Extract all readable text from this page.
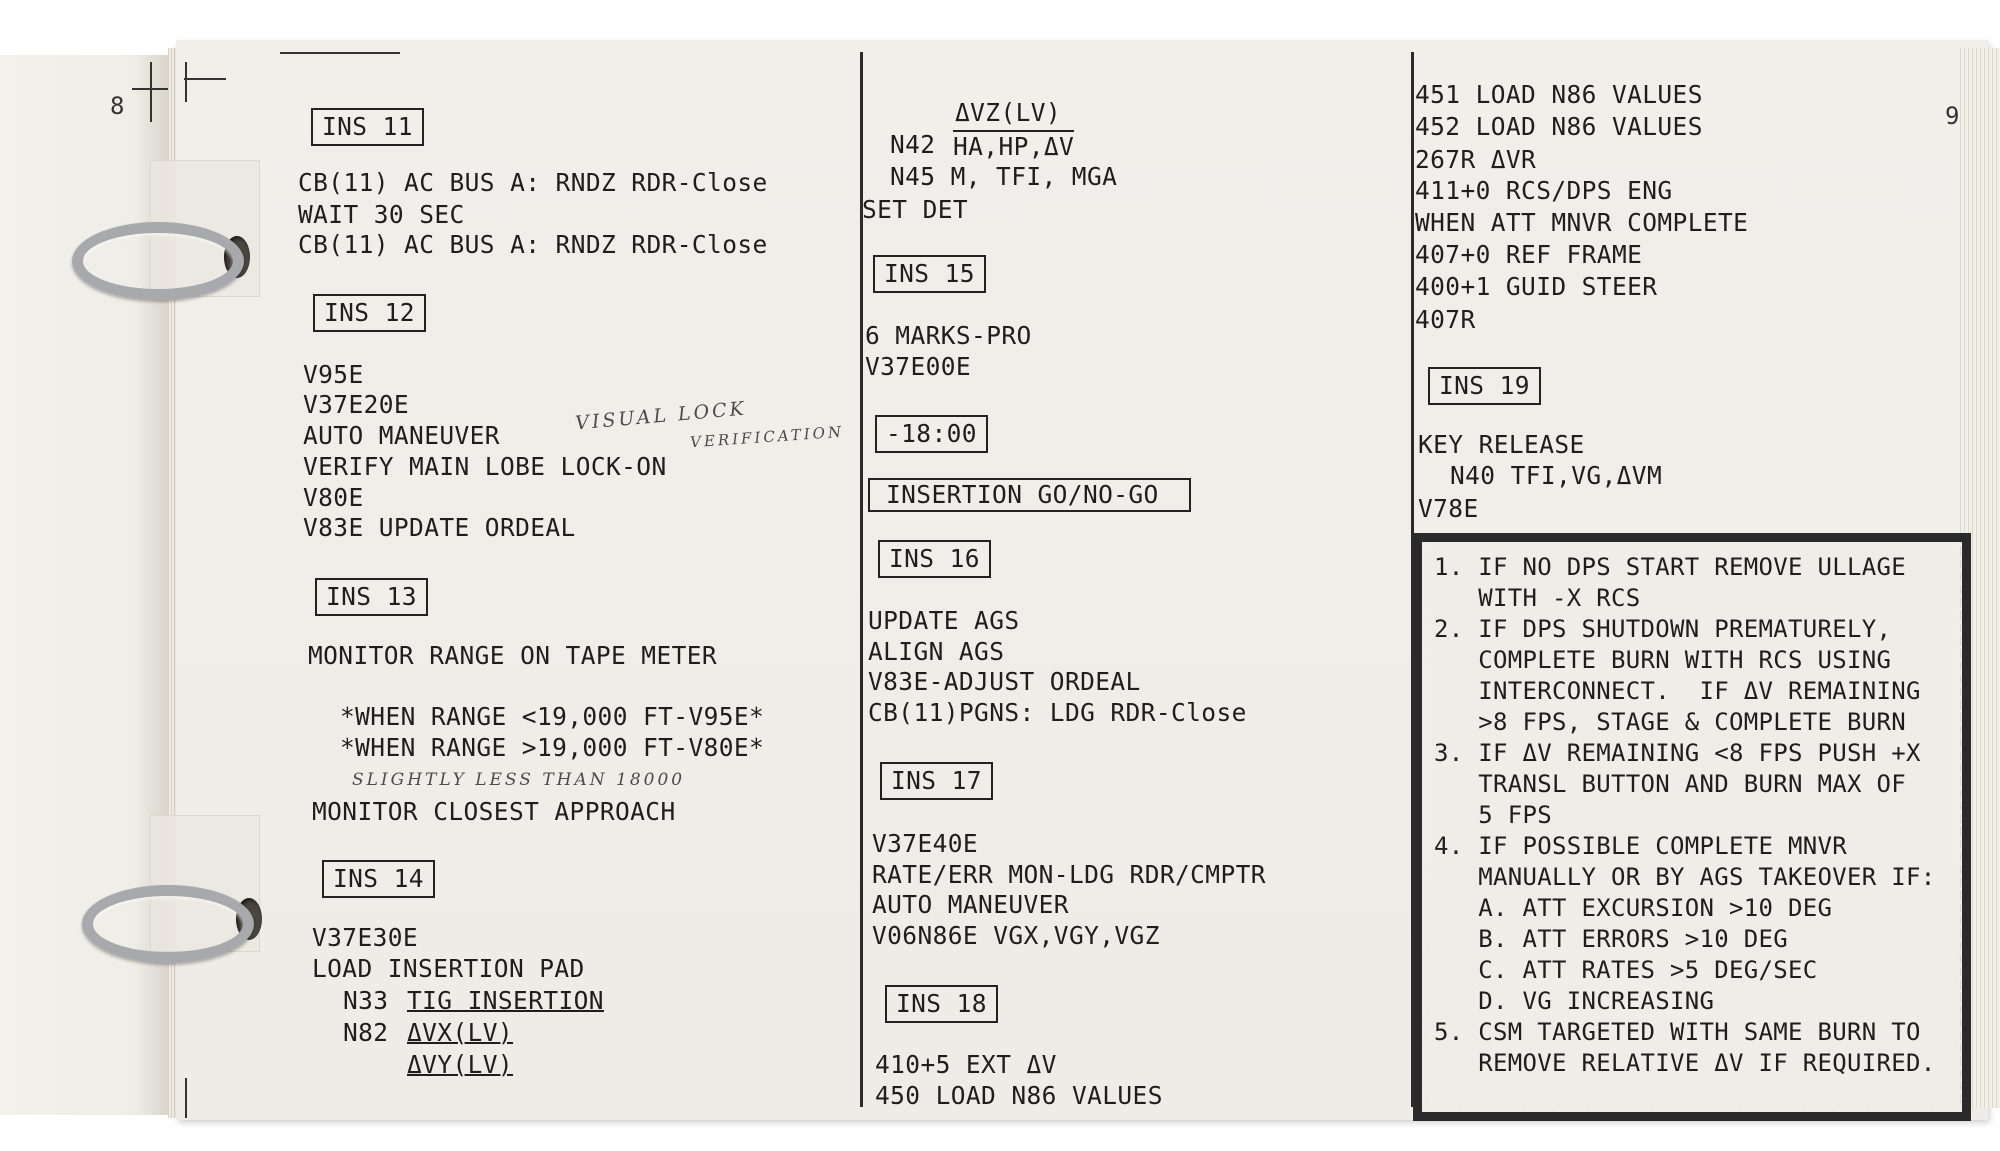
8	9
INS 11
CB(11) AC BUS A: RNDZ RDR-Close
WAIT 30 SEC
CB(11) AC BUS A: RNDZ RDR-Close
INS 12
V95E
V37E20E
AUTO MANEUVER
VERIFY MAIN LOBE LOCK-ON
V80E
V83E UPDATE ORDEAL
VISUAL LOCK
VERIFICATION
INS 13
MONITOR RANGE ON TAPE METER
*WHEN RANGE <19,000 FT-V95E*
*WHEN RANGE >19,000 FT-V80E*
SLIGHTLY LESS THAN 18000
MONITOR CLOSEST APPROACH
INS 14
V37E30E
LOAD INSERTION PAD
N33 TIG INSERTION
N82 ΔVX(LV)
ΔVY(LV)
ΔVZ(LV)
N42 HA,HP,ΔV
N45 M, TFI, MGA
SET DET
INS 15
6 MARKS-PRO
V37E00E
-18:00
INSERTION GO/NO-GO
INS 16
UPDATE AGS
ALIGN AGS
V83E-ADJUST ORDEAL
CB(11)PGNS: LDG RDR-Close
INS 17
V37E40E
RATE/ERR MON-LDG RDR/CMPTR
AUTO MANEUVER
V06N86E VGX,VGY,VGZ
INS 18
410+5 EXT ΔV
450 LOAD N86 VALUES
451 LOAD N86 VALUES
452 LOAD N86 VALUES
267R ΔVR
411+0 RCS/DPS ENG
WHEN ATT MNVR COMPLETE
407+0 REF FRAME
400+1 GUID STEER
407R
INS 19
KEY RELEASE
N40 TFI,VG,ΔVM
V78E
1. IF NO DPS START REMOVE ULLAGE
WITH -X RCS
2. IF DPS SHUTDOWN PREMATURELY,
COMPLETE BURN WITH RCS USING
INTERCONNECT.  IF ΔV REMAINING
>8 FPS, STAGE & COMPLETE BURN
3. IF ΔV REMAINING <8 FPS PUSH +X
TRANSL BUTTON AND BURN MAX OF
5 FPS
4. IF POSSIBLE COMPLETE MNVR
MANUALLY OR BY AGS TAKEOVER IF:
A. ATT EXCURSION >10 DEG
B. ATT ERRORS >10 DEG
C. ATT RATES >5 DEG/SEC
D. VG INCREASING
5. CSM TARGETED WITH SAME BURN TO
REMOVE RELATIVE ΔV IF REQUIRED.
